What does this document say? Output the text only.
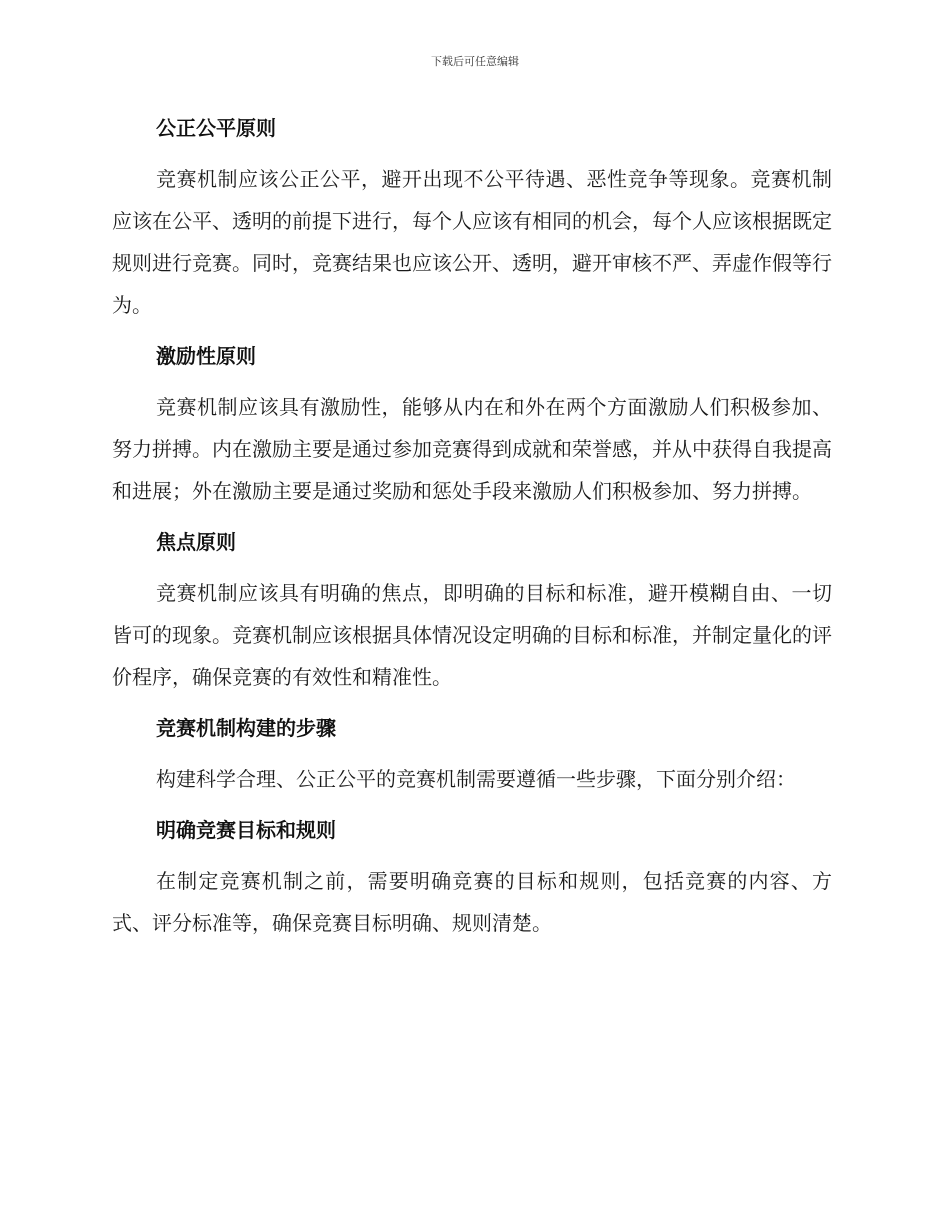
下载后可任意编辑
公正公平原则

竞赛机制应该公正公平，避开出现不公平待遇、恶性竞争等现象。竞赛机制应该在公平、透明的前提下进行，每个人应该有相同的机会，每个人应该根据既定规则进行竞赛。同时，竞赛结果也应该公开、透明，避开审核不严、弄虚作假等行为。

激励性原则

竞赛机制应该具有激励性，能够从内在和外在两个方面激励人们积极参加、努力拼搏。内在激励主要是通过参加竞赛得到成就和荣誉感，并从中获得自我提高和进展；外在激励主要是通过奖励和惩处手段来激励人们积极参加、努力拼搏。

焦点原则

竞赛机制应该具有明确的焦点，即明确的目标和标准，避开模糊自由、一切皆可的现象。竞赛机制应该根据具体情况设定明确的目标和标准，并制定量化的评价程序，确保竞赛的有效性和精准性。

竞赛机制构建的步骤

构建科学合理、公正公平的竞赛机制需要遵循一些步骤，下面分别介绍：

明确竞赛目标和规则

在制定竞赛机制之前，需要明确竞赛的目标和规则，包括竞赛的内容、方式、评分标准等，确保竞赛目标明确、规则清楚。
